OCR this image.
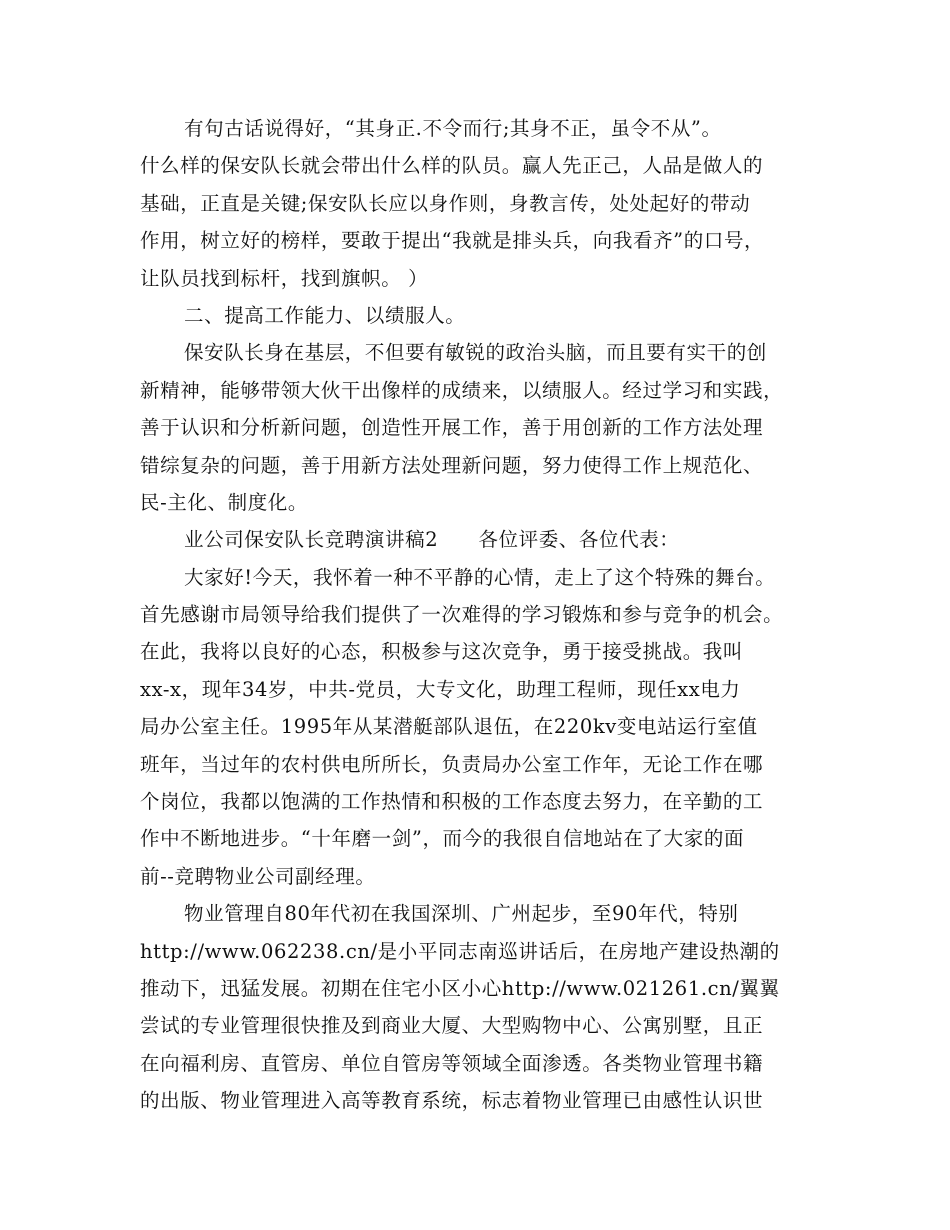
有句古话说得好，“其身正.不令而行;其身不正，虽令不从”。
什么样的保安队长就会带出什么样的队员。赢人先正己，人品是做人的
基础，正直是关键;保安队长应以身作则，身教言传，处处起好的带动
作用，树立好的榜样，要敢于提出“我就是排头兵，向我看齐”的口号，
让队员找到标杆，找到旗帜。 ）
二、提高工作能力、以绩服人。
保安队长身在基层，不但要有敏锐的政治头脑，而且要有实干的创
新精神，能够带领大伙干出像样的成绩来，以绩服人。经过学习和实践，
善于认识和分析新问题，创造性开展工作，善于用创新的工作方法处理
错综复杂的问题，善于用新方法处理新问题，努力使得工作上规范化、
民-主化、制度化。
业公司保安队长竞聘演讲稿2　　各位评委、各位代表：
大家好!今天，我怀着一种不平静的心情，走上了这个特殊的舞台。
首先感谢市局领导给我们提供了一次难得的学习锻炼和参与竞争的机会。
在此，我将以良好的心态，积极参与这次竞争，勇于接受挑战。我叫
xx-x，现年34岁，中共-党员，大专文化，助理工程师，现任xx电力
局办公室主任。1995年从某潜艇部队退伍，在220kv变电站运行室值
班年，当过年的农村供电所所长，负责局办公室工作年，无论工作在哪
个岗位，我都以饱满的工作热情和积极的工作态度去努力，在辛勤的工
作中不断地进步。“十年磨一剑”，而今的我很自信地站在了大家的面
前--竞聘物业公司副经理。
物业管理自80年代初在我国深圳、广州起步，至90年代，特别
http://www.062238.cn/是小平同志南巡讲话后，在房地产建设热潮的
推动下，迅猛发展。初期在住宅小区小心http://www.021261.cn/翼翼
尝试的专业管理很快推及到商业大厦、大型购物中心、公寓别墅，且正
在向福利房、直管房、单位自管房等领域全面渗透。各类物业管理书籍
的出版、物业管理进入高等教育系统，标志着物业管理已由感性认识世
